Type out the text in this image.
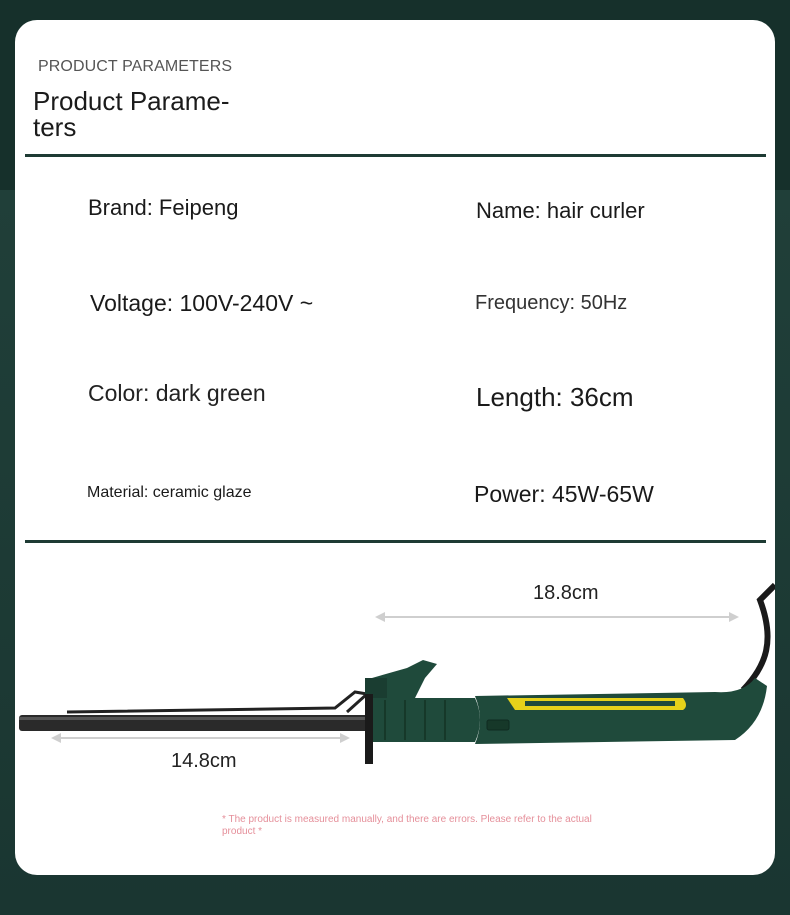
PRODUCT PARAMETERS
Product Parame-
ters
Brand: Feipeng	Name: hair curler
Voltage: 100V-240V ~	Frequency: 50Hz
Color: dark green	Length: 36cm
Material: ceramic glaze	Power: 45W-65W
18.8cm
14.8cm
* The product is measured manually, and there are errors. Please refer to the actual product *
